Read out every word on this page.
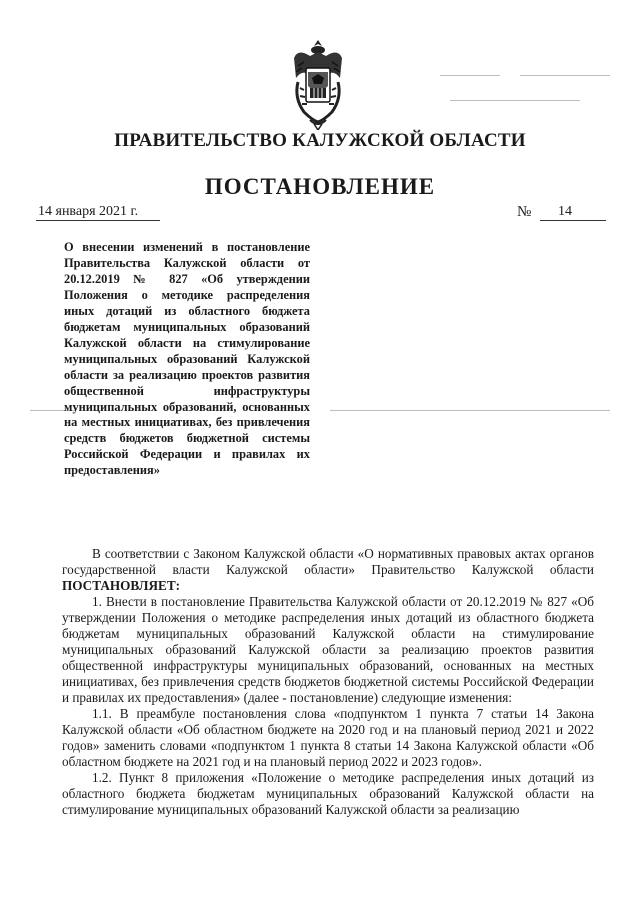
ПРАВИТЕЛЬСТВО КАЛУЖСКОЙ ОБЛАСТИ
ПОСТАНОВЛЕНИЕ
14 января 2021 г.	№	14
О внесении изменений в постановление Правительства Калужской области от 20.12.2019 № 827 «Об утверждении Положения о методике распределения иных дотаций из областного бюджета бюджетам муниципальных образований Калужской области на стимулирование муниципальных образований Калужской области за реализацию проектов развития общественной инфраструктуры муниципальных образований, основанных на местных инициативах, без привлечения средств бюджетов бюджетной системы Российской Федерации и правилах их предоставления»

В соответствии с Законом Калужской области «О нормативных правовых актах органов государственной власти Калужской области» Правительство Калужской области ПОСТАНОВЛЯЕТ:

1. Внести в постановление Правительства Калужской области от 20.12.2019 № 827 «Об утверждении Положения о методике распределения иных дотаций из областного бюджета бюджетам муниципальных образований Калужской области на стимулирование муниципальных образований Калужской области за реализацию проектов развития общественной инфраструктуры муниципальных образований, основанных на местных инициативах, без привлечения средств бюджетов бюджетной системы Российской Федерации и правилах их предоставления» (далее - постановление) следующие изменения:

1.1. В преамбуле постановления слова «подпунктом 1 пункта 7 статьи 14 Закона Калужской области «Об областном бюджете на 2020 год и на плановый период 2021 и 2022 годов» заменить словами «подпунктом 1 пункта 8 статьи 14 Закона Калужской области «Об областном бюджете на 2021 год и на плановый период 2022 и 2023 годов».

1.2. Пункт 8 приложения «Положение о методике распределения иных дотаций из областного бюджета бюджетам муниципальных образований Калужской области на стимулирование муниципальных образований Калужской области за реализацию
